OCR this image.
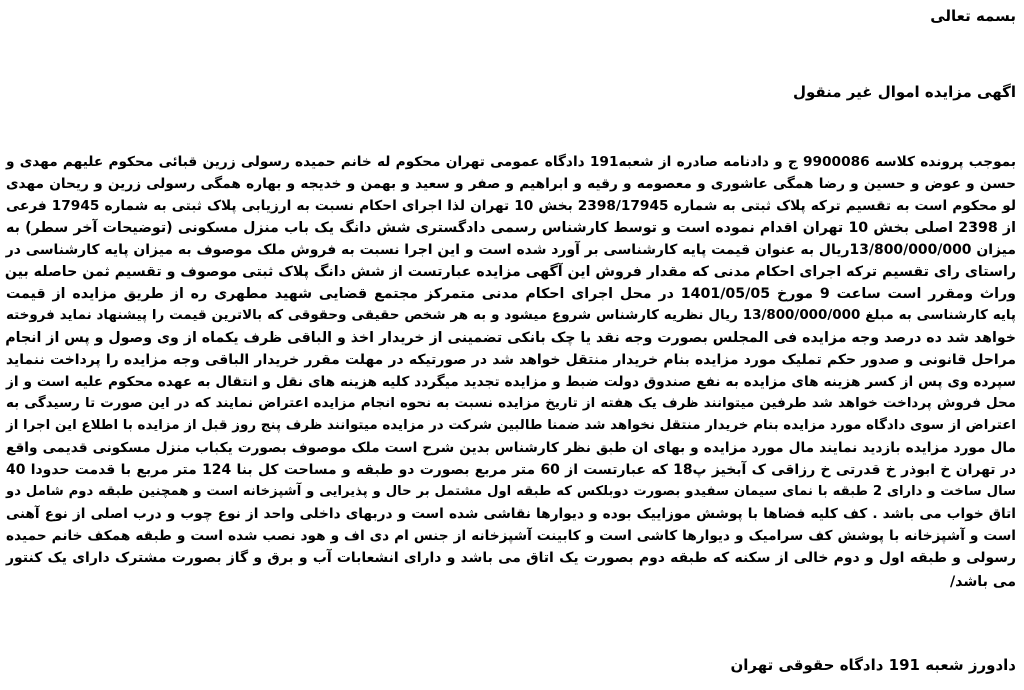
بسمه تعالی
اگهی مزایده اموال غیر منقول
بموجب پرونده کلاسه 9900086 ج و دادنامه صادره از شعبه191 دادگاه عمومی تهران محکوم له خانم حمیده رسولی زرین قبائی محکوم علیهم مهدی و
حسن و عوض و حسین و رضا همگی عاشوری و معصومه و رقیه و ابراهیم و صفر و سعید و بهمن و خدیجه و بهاره همگی رسولی زرین و ریحان مهدی
لو محکوم است به تقسیم ترکه پلاک ثبتی به شماره 2398/17945 بخش 10 تهران لذا اجرای احکام نسبت به ارزیابی پلاک ثبتی به شماره 17945 فرعی
از 2398 اصلی بخش 10 تهران اقدام نموده است و توسط کارشناس رسمی دادگستری شش دانگ یک باب منزل مسکونی (توضیحات آخر سطر) به
میزان 13/800/000/000ریال به عنوان قیمت پایه کارشناسی بر آورد شده است و این اجرا نسبت به فروش ملک موصوف به میزان پایه کارشناسی در
راستای رای تقسیم ترکه اجرای احکام مدنی که مقدار فروش این آگهی مزایده عبارتست از شش دانگ پلاک ثبتی موصوف و تقسیم ثمن حاصله بین
وراث ومقرر است ساعت 9 مورخ 1401/05/05 در محل اجرای احکام مدنی متمرکز مجتمع قضایی شهید مطهری ره از طریق مزایده از قیمت
پایه کارشناسی به مبلغ 13/800/000/000 ریال نظریه کارشناس شروع میشود و به هر شخص حقیقی وحقوقی که بالاترین قیمت را پیشنهاد نماید فروخته
خواهد شد ده درصد وجه مزایده فی المجلس بصورت وجه نقد یا چک بانکی تضمینی از خریدار اخذ و الباقی ظرف یکماه از وی وصول و پس از انجام
مراحل قانونی و صدور حکم تملیک مورد مزایده بنام خریدار منتقل خواهد شد در صورتیکه در مهلت مقرر خریدار الباقی وجه مزایده را پرداخت ننماید
سپرده وی پس از کسر هزینه های مزایده به نفع صندوق دولت ضبط و مزایده تجدید میگردد کلیه هزینه های نقل و انتقال به عهده محکوم علیه است و از
محل فروش پرداخت خواهد شد طرفین میتوانند ظرف یک هفته از تاریخ مزایده نسبت به نحوه انجام مزایده اعتراض نمایند که در این صورت تا رسیدگی به
اعتراض از سوی دادگاه مورد مزایده بنام خریدار منتقل نخواهد شد ضمنا طالبین شرکت در مزایده میتوانند ظرف پنج روز قبل از مزایده با اطلاع این اجرا از
مال مورد مزایده بازدید نمایند مال مورد مزایده و بهای ان طبق نظر کارشناس بدین شرح است ملک موصوف بصورت یکباب منزل مسکونی قدیمی واقع
در تهران خ ابوذر خ قدرتی خ رزاقی ک آبخیز پ18 که عبارتست از 60 متر مربع بصورت دو طبقه و مساحت کل بنا 124 متر مربع با قدمت حدودا 40
سال ساخت و دارای 2 طبقه با نمای سیمان سفیدو بصورت دوبلکس که طبقه اول مشتمل بر حال و پذیرایی و آشپزخانه است و همچنین طبقه دوم شامل دو
اتاق خواب می باشد . کف کلیه فضاها با پوشش موزاییک بوده و دیوارها نقاشی شده است و دربهای داخلی واحد از نوع چوب و درب اصلی از نوع آهنی
است و آشپزخانه با پوشش کف سرامیک و دیوارها کاشی است و کابینت آشپزخانه از جنس ام دی اف و هود نصب شده است و طبقه همکف خانم حمیده
رسولی و طبقه اول و دوم خالی از سکنه که طبقه دوم بصورت یک اتاق می باشد و دارای انشعابات آب و برق و گاز بصورت مشترک دارای یک کنتور
می باشد/
دادورز شعبه 191 دادگاه حقوقی تهران
